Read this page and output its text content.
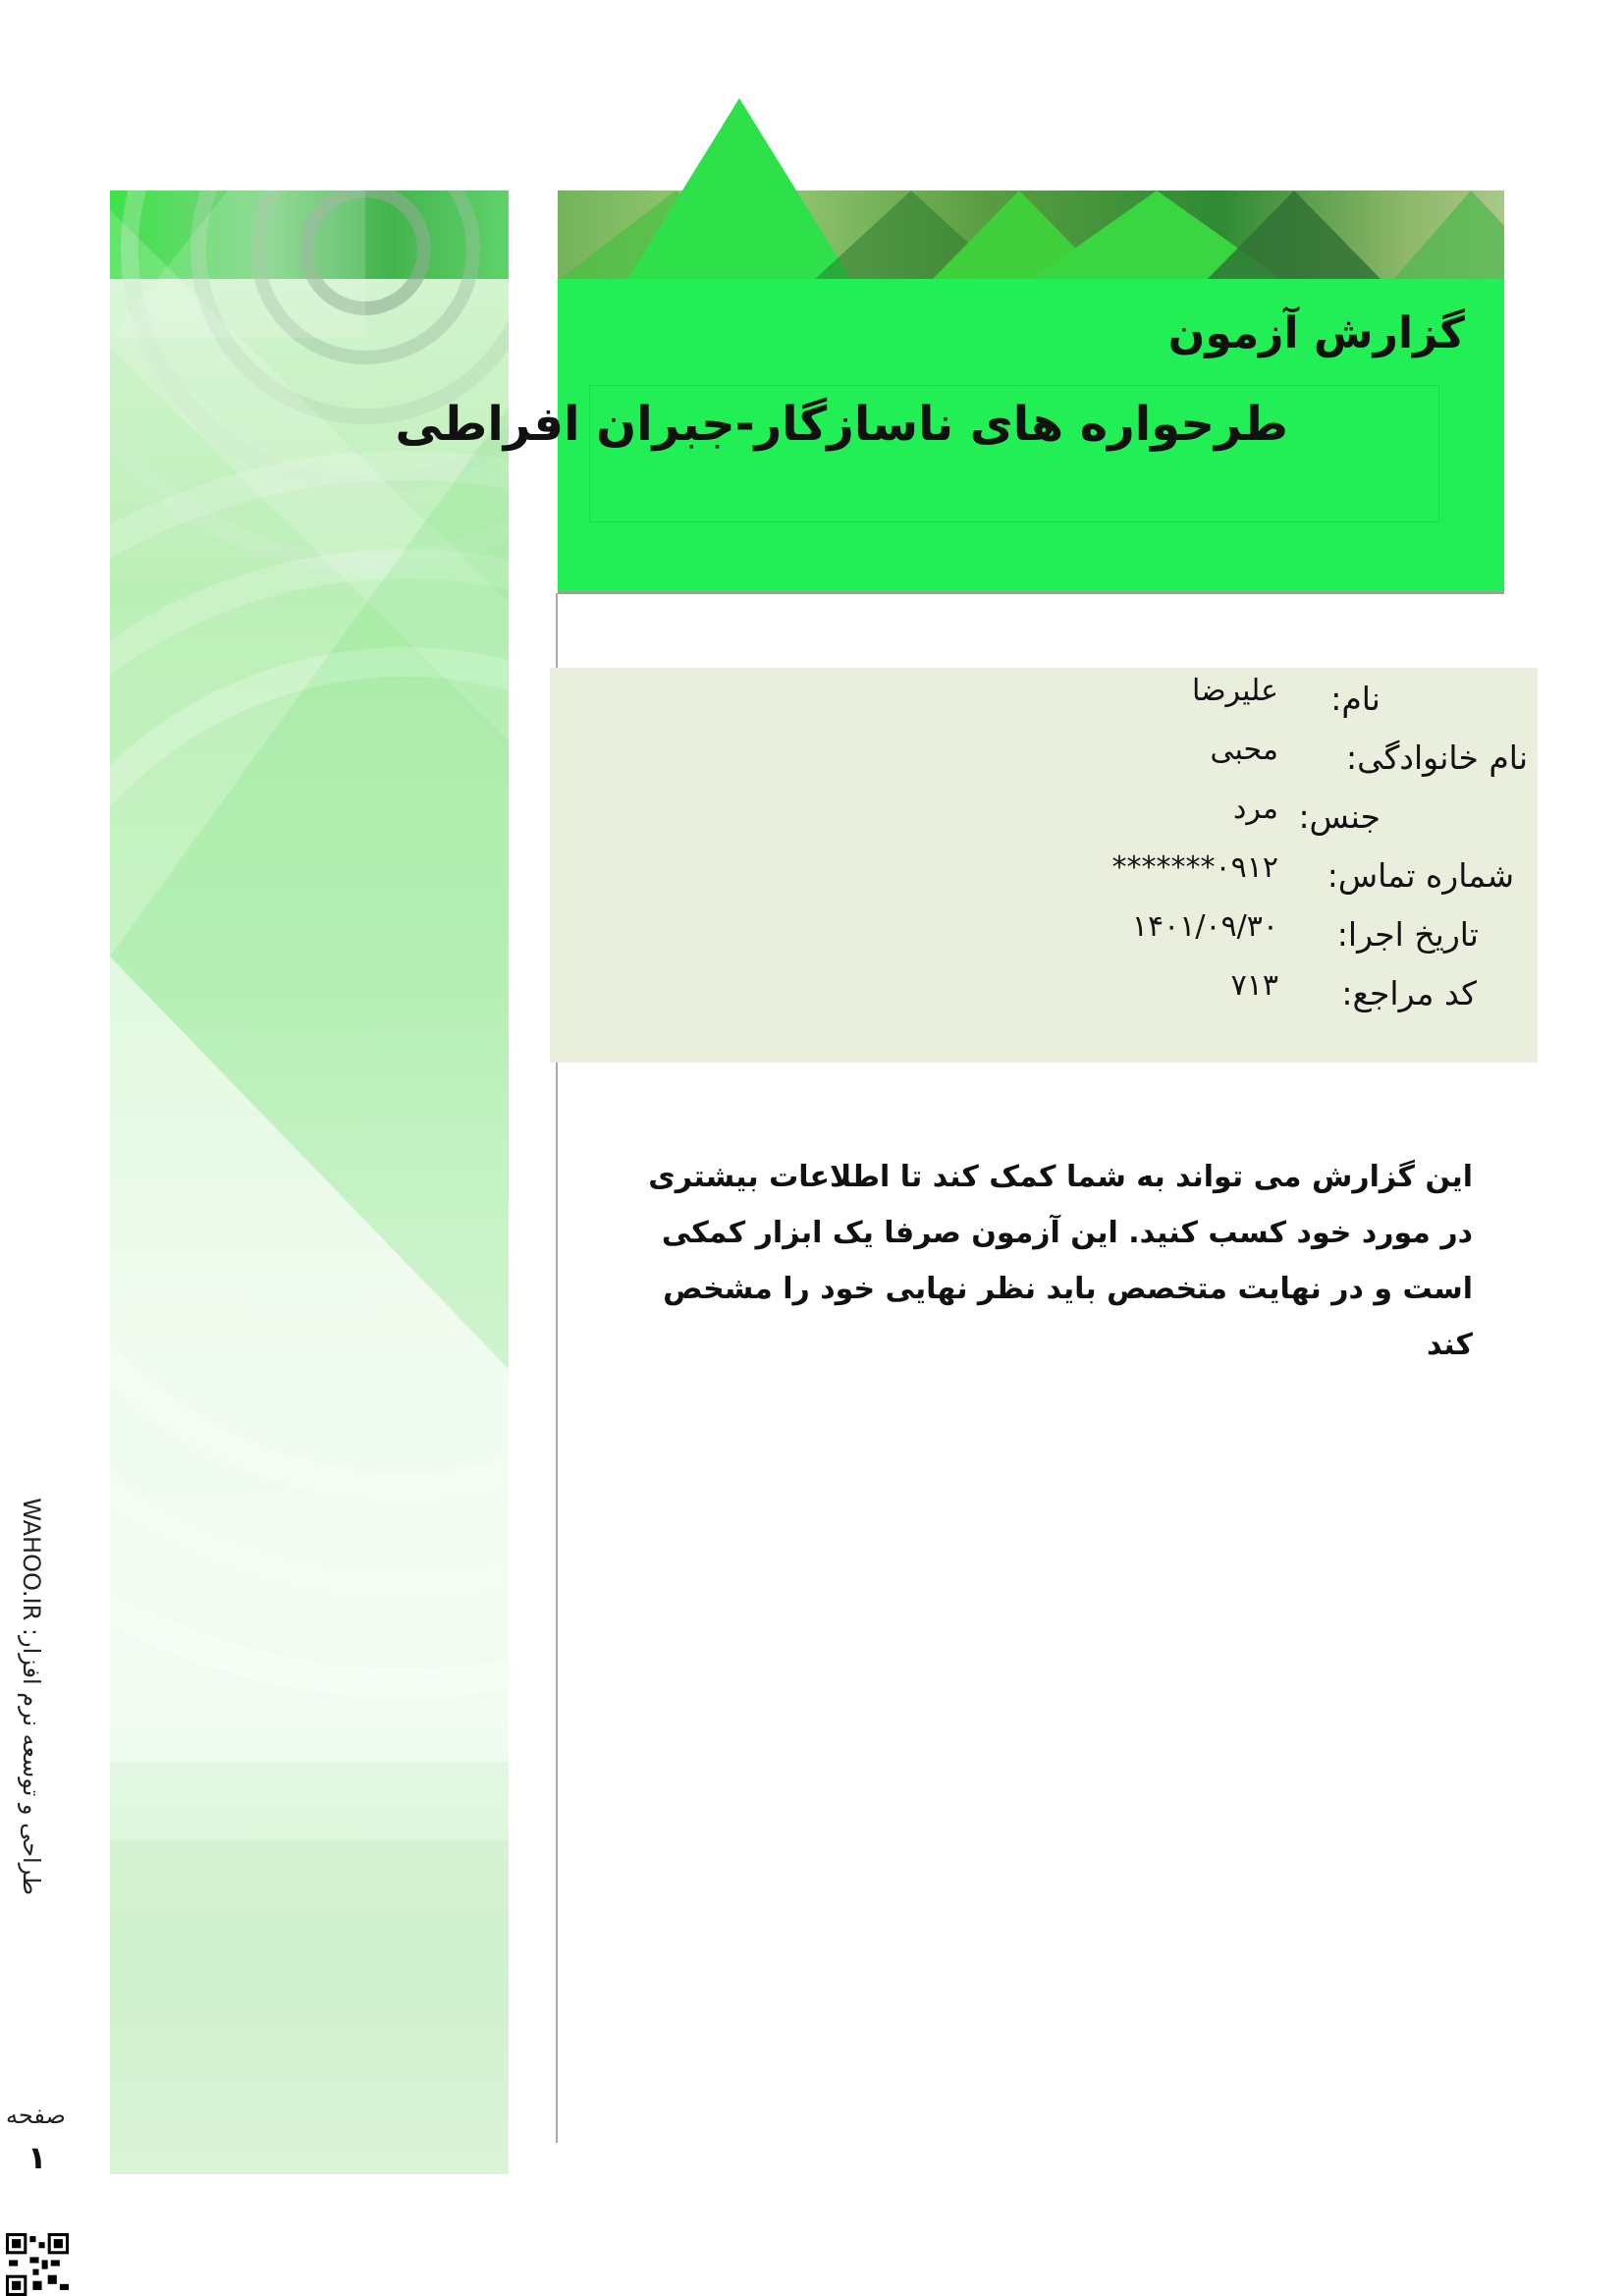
گزارش آزمون
طرحواره های ناسازگار-جبران افراطی
نام:
علیرضا
نام خانوادگی:
محبی
جنس:
مرد
شماره تماس:
۰۹۱۲*******
تاریخ اجرا:
۱۴۰۱/۰۹/۳۰
کد مراجع:
۷۱۳

این گزارش می تواند به شما کمک کند تا اطلاعات بیشتری در مورد خود کسب کنید. این آزمون صرفا یک ابزار کمکی است و در نهایت متخصص باید نظر نهایی خود را مشخص کند

طراحی و توسعه نرم افزار: WAHOO.IR
صفحه
۱
